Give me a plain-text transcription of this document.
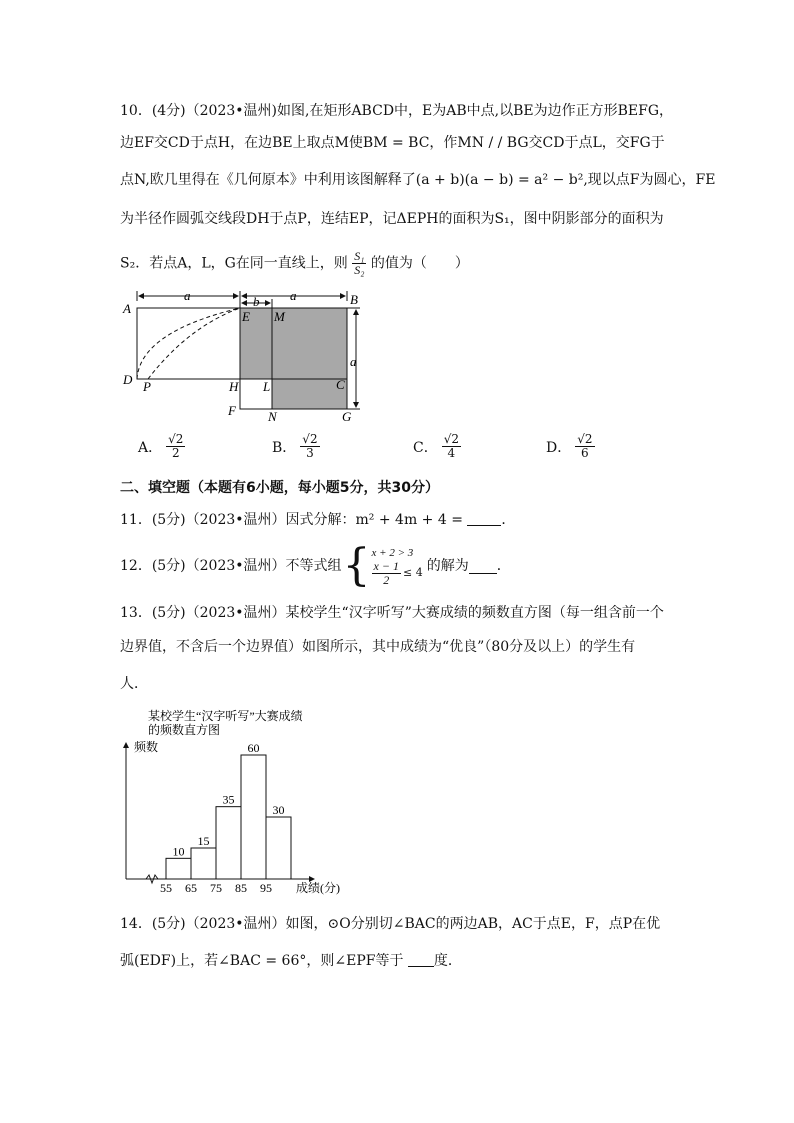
10．(4分)（2023•温州)如图,在矩形ABCD中，E为AB中点,以BE为边作正方形BEFG，
边EF交CD于点H，在边BE上取点M使BM = BC，作MN / / BG交CD于点L，交FG于
点N,欧几里得在《几何原本》中利用该图解释了(a + b)(a − b) = a² − b²,现以点F为圆心，FE
为半径作圆弧交线段DH于点P，连结EP，记ΔEPH的面积为S₁，图中阴影部分的面积为
S₂．若点A，L，G在同一直线上，则 $\frac{\text{S₁}}{\text{S₂}}$ 的值为（　　）
a	b a
a
A
B
E M
D P	H L	C
F N	G
A． $\frac{√2}{2}$	B． $\frac{√2}{3}$	C． $\frac{√2}{4}$	D． $\frac{√2}{6}$
二、填空题（本题有6小题，每小题5分，共30分）
11．(5分)（2023•温州）因式分解：m² + 4m + 4 =	．
12．(5分)（2023•温州）不等式组 { x + 2 > 3
$\frac{x - 1}{2} \le 4$ 的解为 ．
13．(5分)（2023•温州）某校学生“汉字听写”大赛成绩的频数直方图（每一组含前一个
边界值，不含后一个边界值）如图所示，其中成绩为“优良”（80分及以上）的学生有
人．
某校学生“汉字听写”大赛成绩
的频数直方图
频数
10
15
35
60
30
55 65 75 85 95 成绩(分)
14．(5分)（2023•温州）如图，⊙O分别切∠BAC的两边AB，AC于点E，F，点P在优
弧(EDF)上，若∠BAC = 66°，则∠EPF等于 度．
